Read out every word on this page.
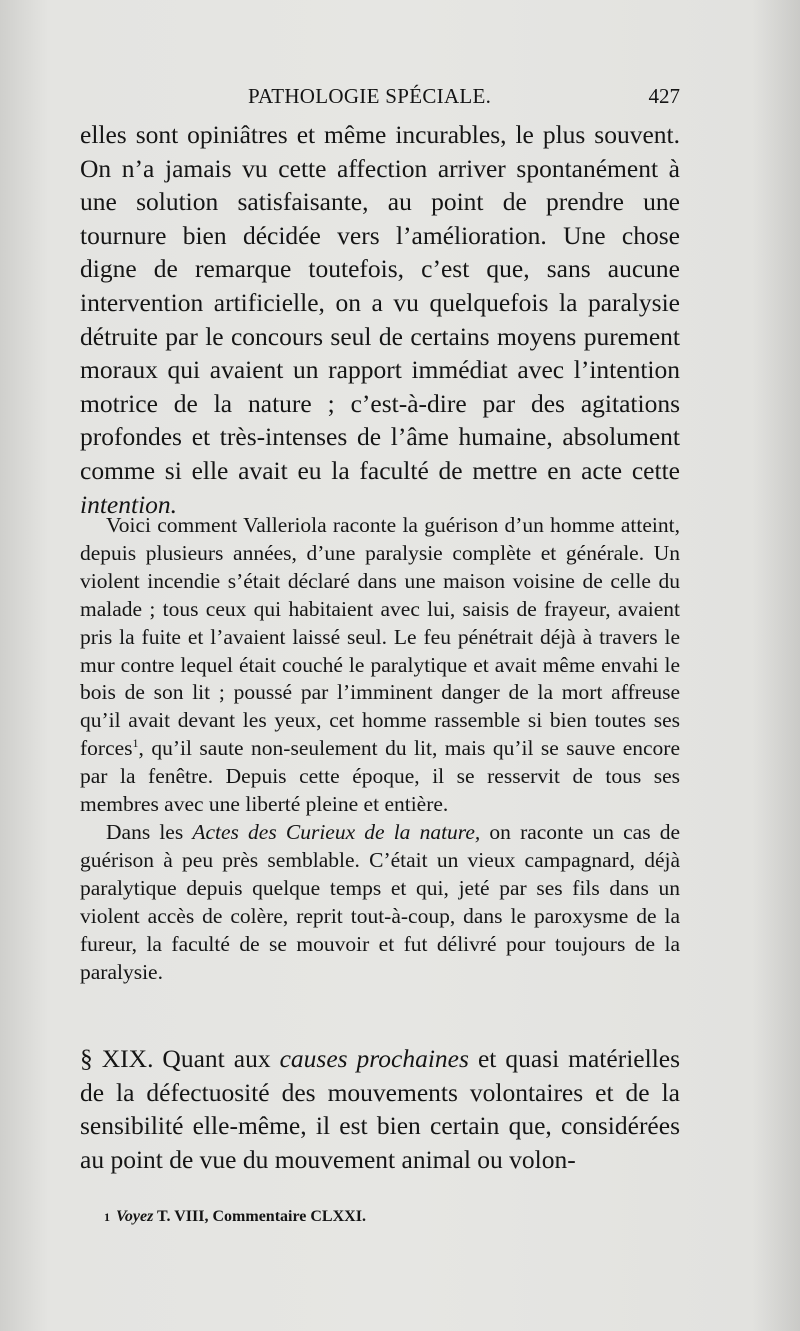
PATHOLOGIE SPÉCIALE.	427

elles sont opiniâtres et même incurables, le plus souvent. On n’a jamais vu cette affection arriver spontanément à une solution satisfaisante, au point de prendre une tournure bien décidée vers l’amélioration. Une chose digne de remarque toutefois, c’est que, sans aucune intervention artificielle, on a vu quelquefois la paralysie détruite par le concours seul de certains moyens purement moraux qui avaient un rapport immédiat avec l’intention motrice de la nature ; c’est-à-dire par des agitations profondes et très-intenses de l’âme humaine, absolument comme si elle avait eu la faculté de mettre en acte cette intention.

Voici comment Valleriola raconte la guérison d’un homme atteint, depuis plusieurs années, d’une paralysie complète et générale. Un violent incendie s’était déclaré dans une maison voisine de celle du malade ; tous ceux qui habitaient avec lui, saisis de frayeur, avaient pris la fuite et l’avaient laissé seul. Le feu pénétrait déjà à travers le mur contre lequel était couché le paralytique et avait même envahi le bois de son lit ; poussé par l’imminent danger de la mort affreuse qu’il avait devant les yeux, cet homme rassemble si bien toutes ses forces$^1$, qu’il saute non-seulement du lit, mais qu’il se sauve encore par la fenêtre. Depuis cette époque, il se resservit de tous ses membres avec une liberté pleine et entière.

Dans les Actes des Curieux de la nature, on raconte un cas de guérison à peu près semblable. C’était un vieux campagnard, déjà paralytique depuis quelque temps et qui, jeté par ses fils dans un violent accès de colère, reprit tout-à-coup, dans le paroxysme de la fureur, la faculté de se mouvoir et fut délivré pour toujours de la paralysie.

§ XIX. Quant aux causes prochaines et quasi matérielles de la défectuosité des mouvements volontaires et de la sensibilité elle-même, il est bien certain que, considérées au point de vue du mouvement animal ou volon-

1 Voyez T. VIII, Commentaire CLXXI.
